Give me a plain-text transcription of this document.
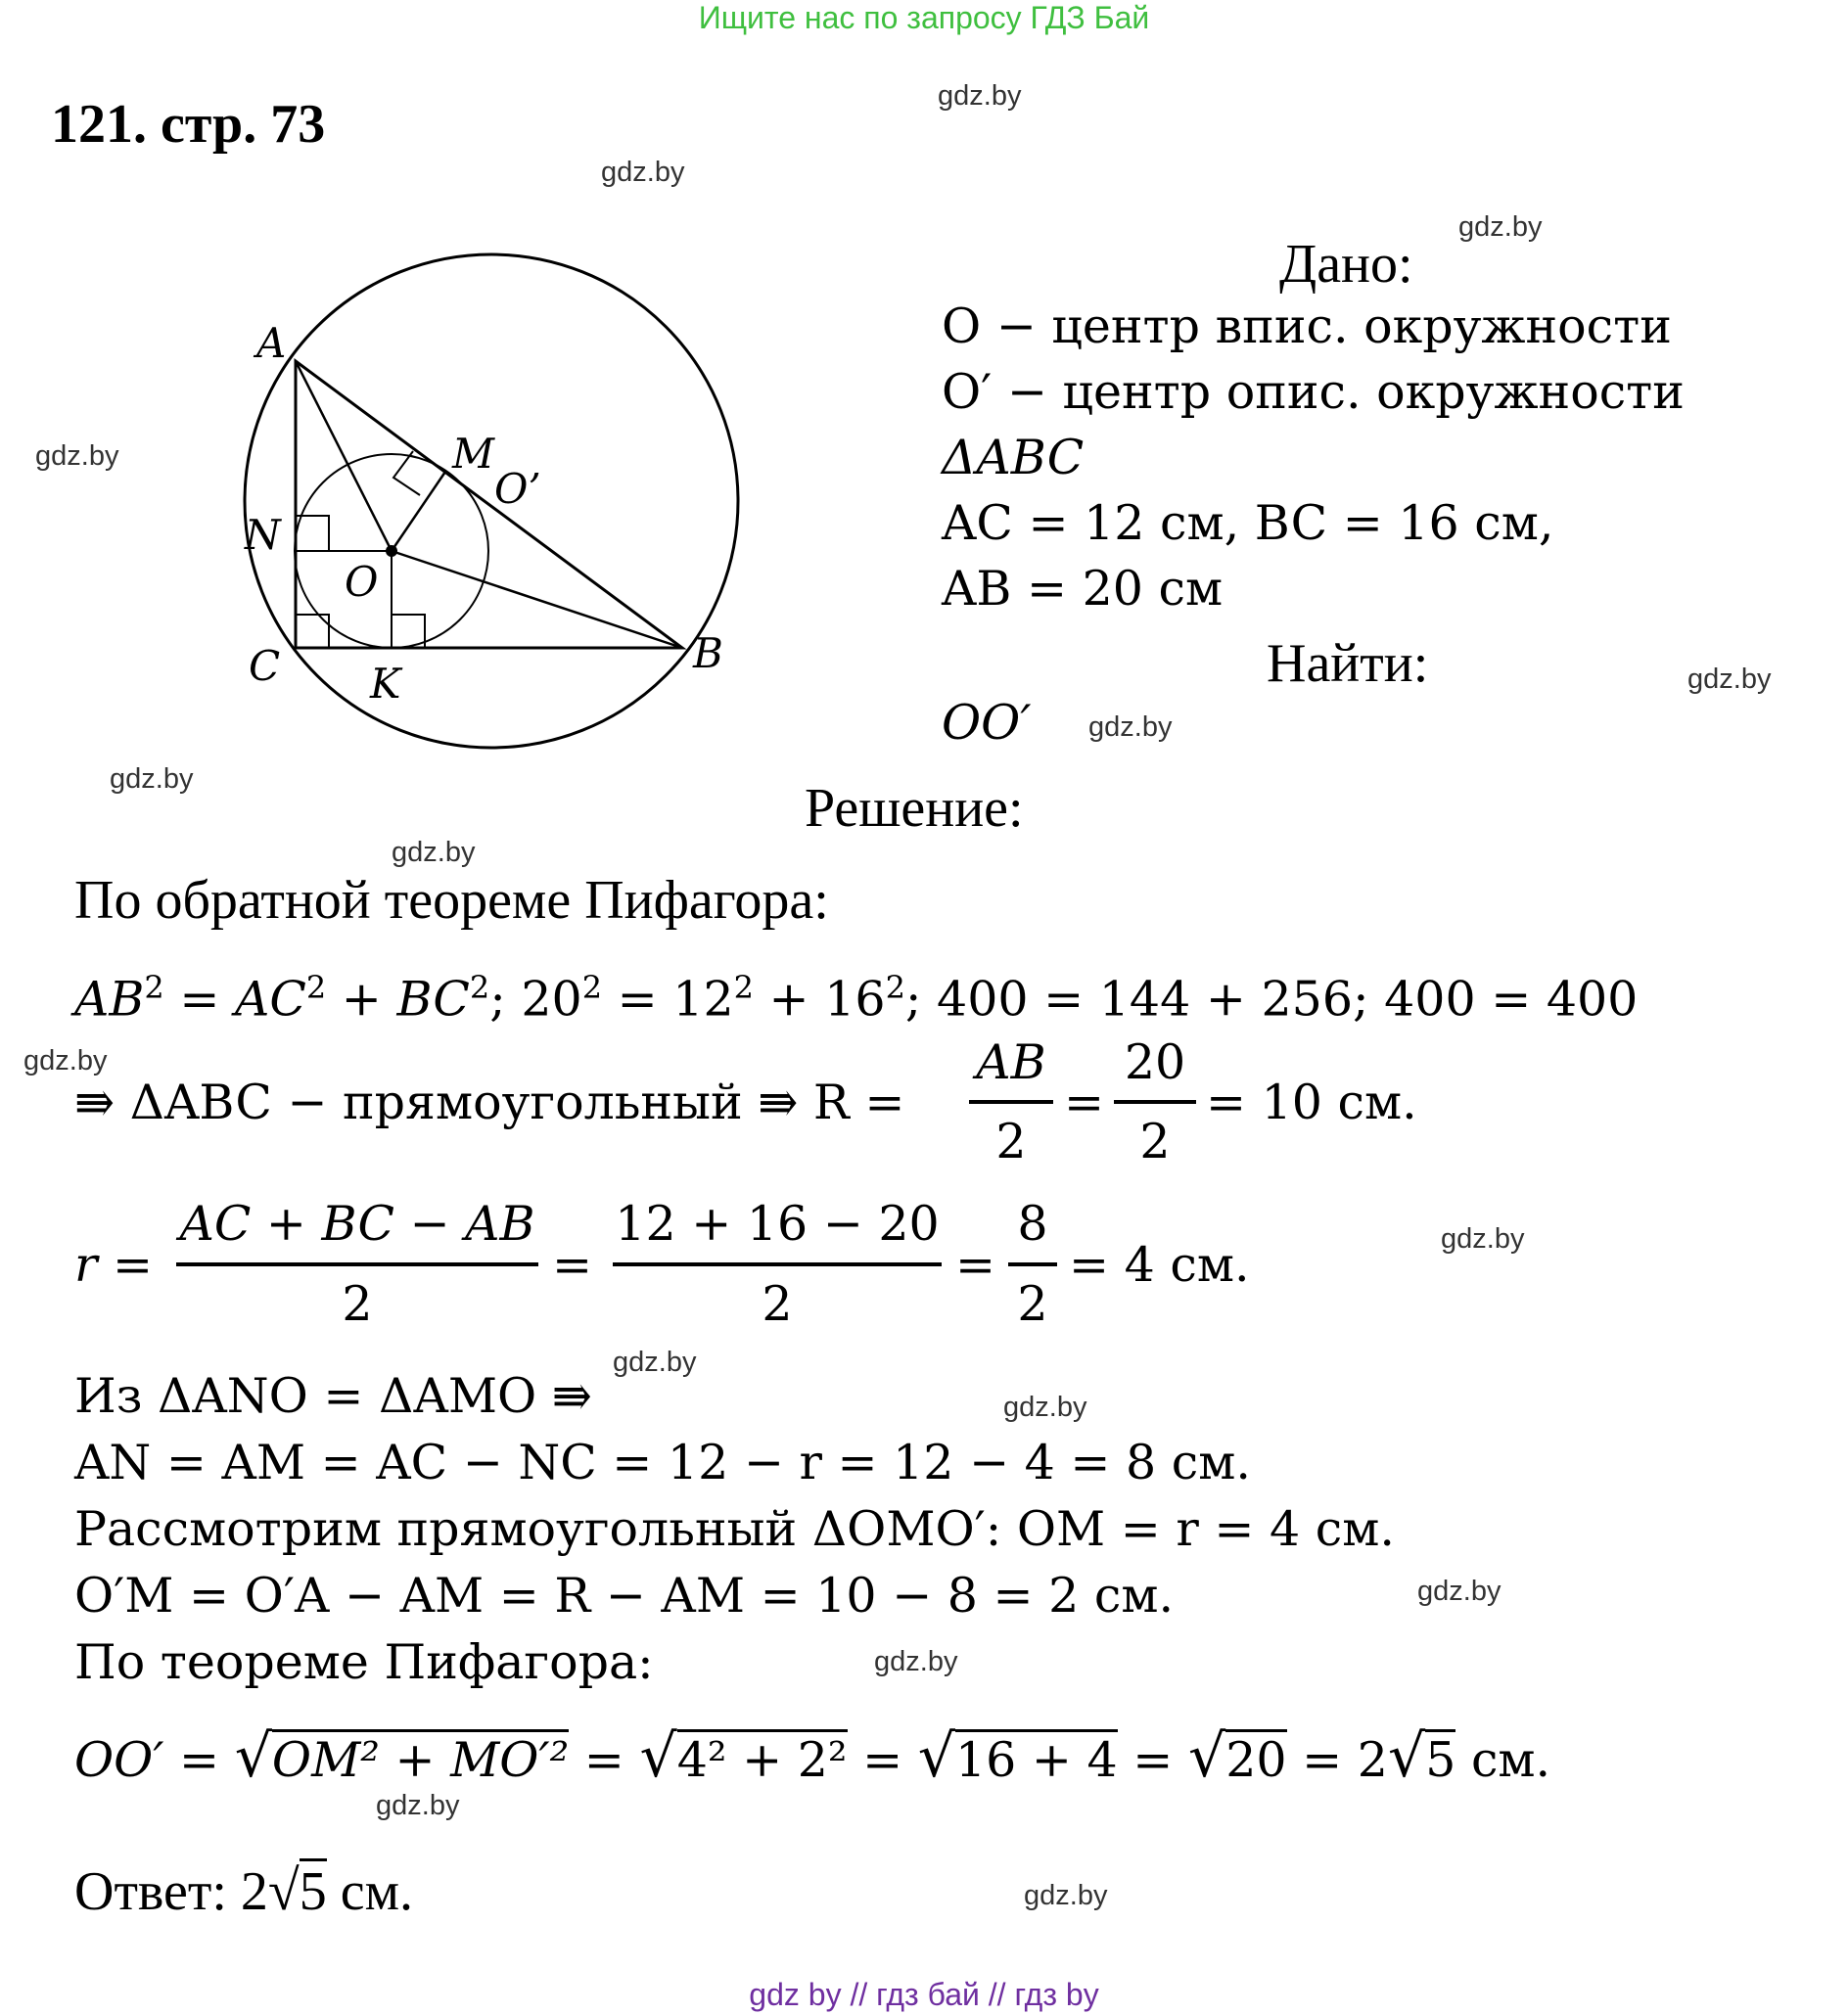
Ищите нас по запросу ГДЗ Бай
121. стр. 73	gdz.by
gdz.by
gdz.by
gdz.by
gdz.by
gdz.by
gdz.by
gdz.by
gdz.by
gdz.by
gdz.by
gdz.by
gdz.by
gdz.by
gdz.by
gdz.by
A
M
O’
N
O
C K
B
Дано:
O − центр впис. окружности
O′ − центр опис. окружности
ΔABC
AC = 12 см, BC = 16 см,
AB = 20 см
Найти:
OO′
Решение:
По обратной теореме Пифагора:
$AB^2 = AC^2 + BC^2$; $20^2 = 12^2 + 16^2$; 400 = 144 + 256; 400 = 400
⇛ ΔABC − прямоугольный ⇛ R =
AB
2
=
20
2
= 10 см.
r =
AC + BC − AB
2
=
12 + 16 − 20
2
=
8
2
= 4 см.
Из ΔANO = ΔAMO ⇛
AN = AM = AC − NC = 12 − r = 12 − 4 = 8 см.
Рассмотрим прямоугольный ΔOMO′: OM = r = 4 см.
O′M = O′A − AM = R − AM = 10 − 8 = 2 см.
По теореме Пифагора:
OO′ = √OM² + MO′² = √4² + 2² = √16 + 4 = √20 = 2√5 см.
Ответ: 2√5 см.
gdz by // гдз бай // гдз by
